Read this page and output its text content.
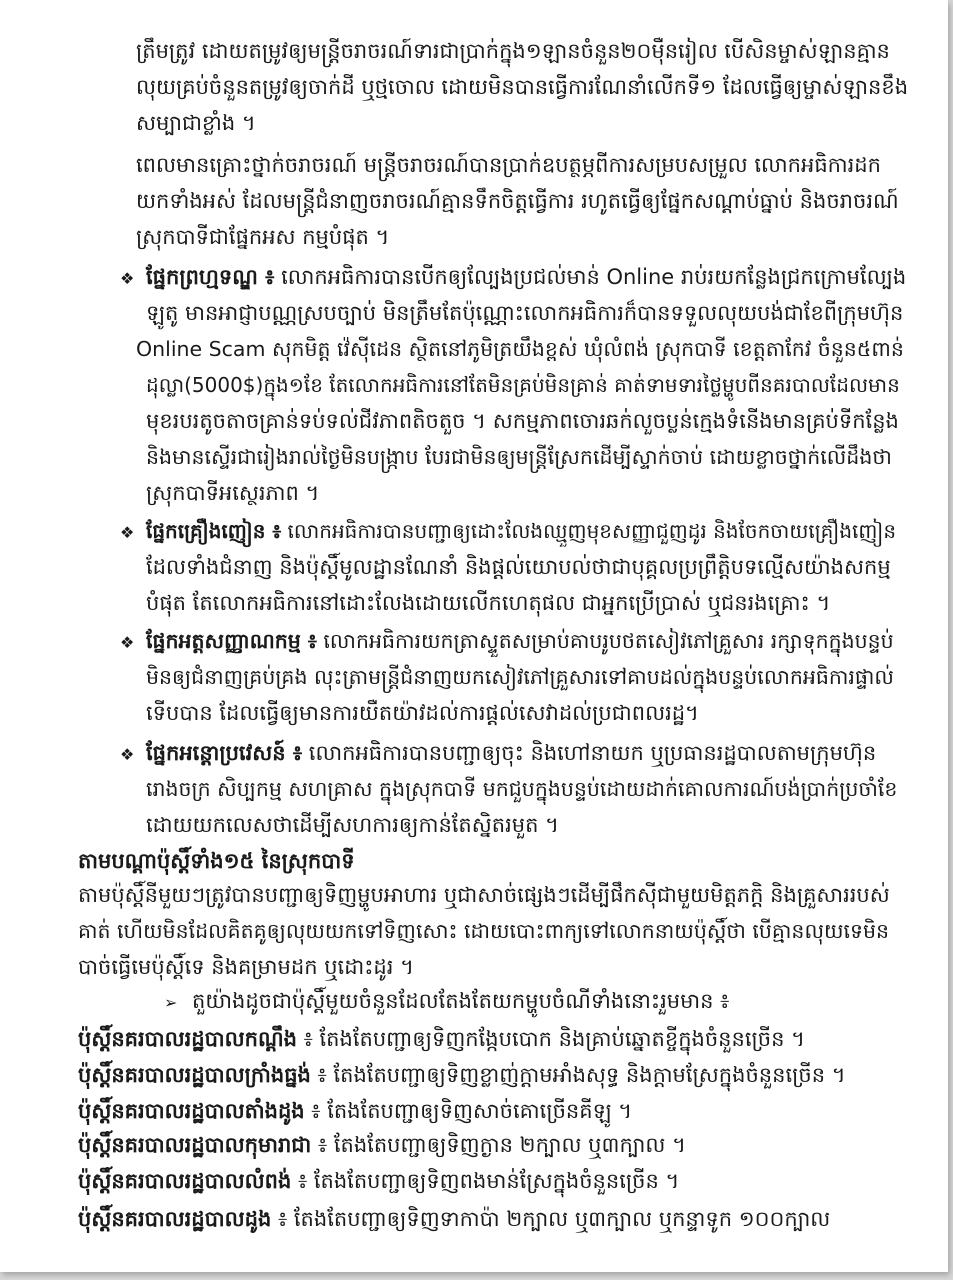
ត្រឹមត្រូវ ដោយតម្រូវឲ្យមន្ត្រីចរាចរណ៍ទារជាប្រាក់ក្នុង១ឡានចំនួន២០ម៉ឺនរៀល បើសិនម្ចាស់ឡានគ្មាន
លុយគ្រប់ចំនួនតម្រូវឲ្យចាក់ដី ឬថ្មចោល ដោយមិនបានធ្វើការណែនាំលើកទី១ ដែលធ្វើឲ្យម្ចាស់ឡានខឹង
សម្បាជាខ្លាំង ។
ពេលមានគ្រោះថ្នាក់ចរាចរណ៍ មន្ត្រីចរាចរណ៍បានប្រាក់ឧបត្ថម្ភពីការសម្របសម្រួល លោកអធិការដក
យកទាំងអស់ ដែលមន្ត្រីជំនាញចរាចរណ៍គ្មានទឹកចិត្តធ្វើការ រហូតធ្វើឲ្យផ្នែកសណ្តាប់ធ្នាប់ និងចរាចរណ៍
ស្រុកបាទីជាផ្នែកអស កម្មបំផុត ។
❖ ផ្នែកព្រហ្មទណ្ឌ ៖ លោកអធិការបានបើកឲ្យល្បែងប្រជល់មាន់ Online រាប់រយកន្លែងជ្រកក្រោមល្បែង
ឡូតូ មានអាជ្ញាបណ្ណស្របច្បាប់ មិនត្រឹមតែប៉ុណ្ណោះលោកអធិការក៏បានទទួលលុយបង់ជាខែពីក្រុមហ៊ុន
Online Scam សុកមិត្ត វ៉េស៊ីដេន ស្ថិតនៅភូមិត្រយឹងខ្ពស់ ឃុំលំពង់ ស្រុកបាទី ខេត្តតាកែវ ចំនួន៥ពាន់
ដុល្លា(5000$)ក្នុង១ខែ តែលោកអធិការនៅតែមិនគ្រប់មិនគ្រាន់ គាត់ទាមទារថ្លៃម្ហូបពីនគរបាលដែលមាន
មុខរបរតូចតាចគ្រាន់ទប់ទល់ជីវភាពតិចតួច ។ សកម្មភាពចោរឆក់លួចប្លន់ក្មេងទំនើងមានគ្រប់ទីកន្លែង
និងមានស្ទើរជារៀងរាល់ថ្ងៃមិនបង្ក្រាប បែរជាមិនឲ្យមន្ត្រីស្រែកដើម្បីស្ទាក់ចាប់ ដោយខ្លាចថ្នាក់លើដឹងថា
ស្រុកបាទីអស្ថេរភាព ។
❖ ផ្នែកគ្រឿងញៀន ៖ លោកអធិការបានបញ្ជាឲ្យដោះលែងឈ្មួញមុខសញ្ញាជួញដូរ និងចែកចាយគ្រឿងញៀន
ដែលទាំងជំនាញ និងប៉ុស្តិ៍មូលដ្ឋានណែនាំ និងផ្តល់យោបល់ថាជាបុគ្គលប្រព្រឹត្តិបទល្មើសយ៉ាងសកម្ម
បំផុត តែលោកអធិការនៅដោះលែងដោយលើកហេតុផល ជាអ្នកប្រើប្រាស់ ឬជនរងគ្រោះ ។
❖ ផ្នែកអត្តសញ្ញាណកម្ម ៖ លោកអធិការយកត្រាស្ទួតសម្រាប់គាបរូបថតសៀវភៅគ្រួសារ រក្សាទុកក្នុងបន្ទប់
មិនឲ្យជំនាញគ្រប់គ្រង លុះត្រាមន្ត្រីជំនាញយកសៀវភៅគ្រួសារទៅគាបដល់ក្នុងបន្ទប់លោកអធិការផ្ទាល់
ទើបបាន ដែលធ្វើឲ្យមានការយឺតយ៉ាវដល់ការផ្តល់សេវាដល់ប្រជាពលរដ្ឋ។
❖ ផ្នែកអន្តោប្រវេសន៍ ៖ លោកអធិការបានបញ្ជាឲ្យចុះ និងហៅនាយក ឬប្រធានរដ្ឋបាលតាមក្រុមហ៊ុន
រោងចក្រ សិប្បកម្ម សហគ្រាស ក្នុងស្រុកបាទី មកជួបក្នុងបន្ទប់ដោយដាក់គោលការណ៍បង់ប្រាក់ប្រចាំខែ
ដោយយកលេសថាដើម្បីសហការឲ្យកាន់តែស្និតរមួត ។
តាមបណ្តាប៉ុស្តិ៍ទាំង១៥ នៃស្រុកបាទី
តាមប៉ុស្តិ៍នីមួយៗត្រូវបានបញ្ជាឲ្យទិញម្ហូបអាហារ ឬជាសាច់ផ្សេងៗដើម្បីផឹកស៊ីជាមួយមិត្តភក្តិ និងគ្រួសាររបស់
គាត់ ហើយមិនដែលគិតគូឲ្យលុយយកទៅទិញសោះ ដោយបោះពាក្យទៅលោកនាយប៉ុស្តិ៍ថា បើគ្មានលុយទេមិន
បាច់ធ្វើមេប៉ុស្តិ៍ទេ និងគម្រាមដក ឬដោះដូរ ។
➢ តួយ៉ាងដូចជាប៉ុស្តិ៍មួយចំនួនដែលតែងតែយកម្ហូបចំណីទាំងនោះរួមមាន ៖
ប៉ុស្តិ៍នគរបាលរដ្ឋបាលកណ្តឹង ៖ តែងតែបញ្ជាឲ្យទិញកង្កែបបោក និងគ្រាប់ឆ្នោតខ្ចីក្នុងចំនួនច្រើន ។
ប៉ុស្តិ៍នគរបាលរដ្ឋបាលក្រាំងធ្នង់ ៖ តែងតែបញ្ជាឲ្យទិញខ្លាញ់ក្តាមអាំងសុទ្ធ និងក្តាមស្រែក្នុងចំនួនច្រើន ។
ប៉ុស្តិ៍នគរបាលរដ្ឋបាលតាំងដូង ៖ តែងតែបញ្ជាឲ្យទិញសាច់គោច្រើនគីឡូ ។
ប៉ុស្តិ៍នគរបាលរដ្ឋបាលកុមារាជា ៖ តែងតែបញ្ជាឲ្យទិញក្ងាន ២ក្បាល ឬ៣ក្បាល ។
ប៉ុស្តិ៍នគរបាលរដ្ឋបាលលំពង់ ៖ តែងតែបញ្ជាឲ្យទិញពងមាន់ស្រែក្នុងចំនួនច្រើន ។
ប៉ុស្តិ៍នគរបាលរដ្ឋបាលដូង ៖ តែងតែបញ្ជាឲ្យទិញទាកាប៉ា ២ក្បាល ឬ៣ក្បាល ឬកន្ទាទូក ១០០ក្បាល
